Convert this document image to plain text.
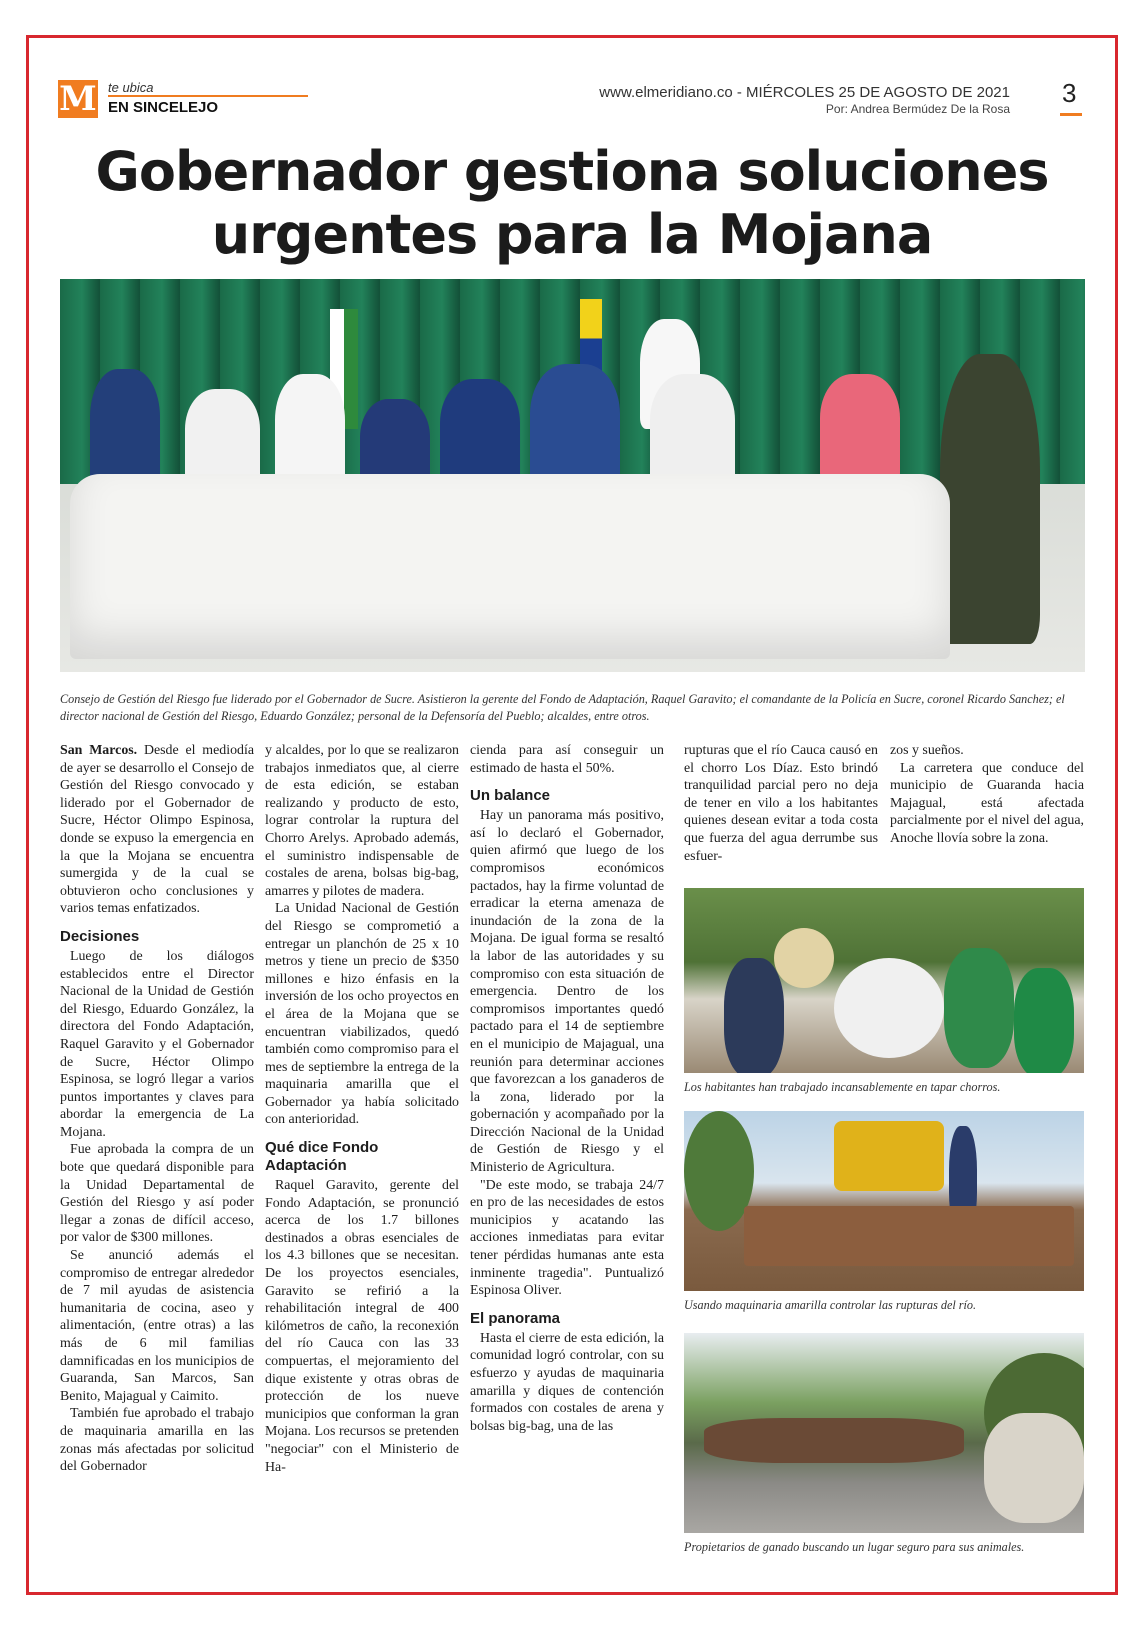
M te ubica
EN SINCELEJO
www.elmeridiano.co - MIÉRCOLES 25 DE AGOSTO DE 2021
Por: Andrea Bermúdez De la Rosa
3
Gobernador gestiona soluciones
urgentes para la Mojana
Consejo de Gestión del Riesgo fue liderado por el Gobernador de Sucre. Asistieron la gerente del Fondo de Adaptación, Raquel Garavito; el comandante de la Policía en Sucre, coronel Ricardo Sanchez; el director nacional de Gestión del Riesgo, Eduardo González; personal de la Defensoría del Pueblo; alcaldes, entre otros.

San Marcos. Desde el mediodía de ayer se desarrollo el Consejo de Gestión del Riesgo convocado y liderado por el Gobernador de Sucre, Héctor Olimpo Espinosa, donde se expuso la emergencia en la que la Mojana se encuentra sumergida y de la cual se obtuvieron ocho conclusiones y varios temas enfatizados.

Decisiones

Luego de los diálogos establecidos entre el Director Nacional de la Unidad de Gestión del Riesgo, Eduardo González, la directora del Fondo Adaptación, Raquel Garavito y el Gobernador de Sucre, Héctor Olimpo Espinosa, se logró llegar a varios puntos importantes y claves para abordar la emergencia de La Mojana.

Fue aprobada la compra de un bote que quedará disponible para la Unidad Departamental de Gestión del Riesgo y así poder llegar a zonas de difícil acceso, por valor de $300 millones.

Se anunció además el compromiso de entregar alrededor de 7 mil ayudas de asistencia humanitaria de cocina, aseo y alimentación, (entre otras) a las más de 6 mil familias damnificadas en los municipios de Guaranda, San Marcos, San Benito, Majagual y Caimito.

También fue aprobado el trabajo de maquinaria amarilla en las zonas más afectadas por solicitud del Gobernador

y alcaldes, por lo que se realizaron trabajos inmediatos que, al cierre de esta edición, se estaban realizando y producto de esto, lograr controlar la ruptura del Chorro Arelys. Aprobado además, el suministro indispensable de costales de arena, bolsas big-bag, amarres y pilotes de madera.

La Unidad Nacional de Gestión del Riesgo se comprometió a entregar un planchón de 25 x 10 metros y tiene un precio de $350 millones e hizo énfasis en la inversión de los ocho proyectos en el área de la Mojana que se encuentran viabilizados, quedó también como compromiso para el mes de septiembre la entrega de la maquinaria amarilla que el Gobernador ya había solicitado con anterioridad.

Qué dice Fondo Adaptación

Raquel Garavito, gerente del Fondo Adaptación, se pronunció acerca de los 1.7 billones destinados a obras esenciales de los 4.3 billones que se necesitan. De los proyectos esenciales, Garavito se refirió a la rehabilitación integral de 400 kilómetros de caño, la reconexión del río Cauca con las 33 compuertas, el mejoramiento del dique existente y otras obras de protección de los nueve municipios que conforman la gran Mojana. Los recursos se pretenden "negociar" con el Ministerio de Ha-

cienda para así conseguir un estimado de hasta el 50%.

Un balance

Hay un panorama más positivo, así lo declaró el Gobernador, quien afirmó que luego de los compromisos económicos pactados, hay la firme voluntad de erradicar la eterna amenaza de inundación de la zona de la Mojana. De igual forma se resaltó la labor de las autoridades y su compromiso con esta situación de emergencia. Dentro de los compromisos importantes quedó pactado para el 14 de septiembre en el municipio de Majagual, una reunión para determinar acciones que favorezcan a los ganaderos de la zona, liderado por la gobernación y acompañado por la Dirección Nacional de la Unidad de Gestión de Riesgo y el Ministerio de Agricultura.

"De este modo, se trabaja 24/7 en pro de las necesidades de estos municipios y acatando las acciones inmediatas para evitar tener pérdidas humanas ante esta inminente tragedia". Puntualizó Espinosa Oliver.

El panorama

Hasta el cierre de esta edición, la comunidad logró controlar, con su esfuerzo y ayudas de maquinaria amarilla y diques de contención formados con costales de arena y bolsas big-bag, una de las

rupturas que el río Cauca causó en el chorro Los Díaz. Esto brindó tranquilidad parcial pero no deja de tener en vilo a los habitantes quienes desean evitar a toda costa que fuerza del agua derrumbe sus esfuer-

zos y sueños.

La carretera que conduce del municipio de Guaranda hacia Majagual, está afectada parcialmente por el nivel del agua, Anoche llovía sobre la zona.

Los habitantes han trabajado incansablemente en tapar chorros.
Usando maquinaria amarilla controlar las rupturas del río.
Propietarios de ganado buscando un lugar seguro para sus animales.
